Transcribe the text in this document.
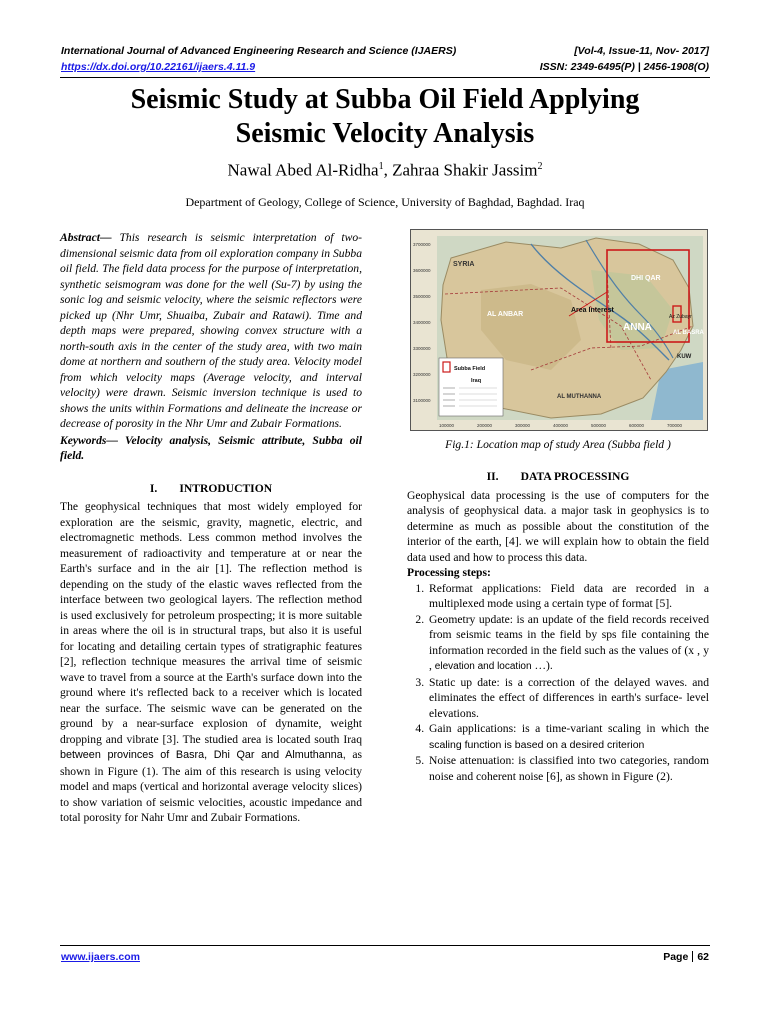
International Journal of Advanced Engineering Research and Science (IJAERS)
https://dx.doi.org/10.22161/ijaers.4.11.9
[Vol-4, Issue-11, Nov- 2017]
ISSN: 2349-6495(P) | 2456-1908(O)
Seismic Study at Subba Oil Field Applying
Seismic Velocity Analysis
Nawal Abed Al-Ridha$^1$, Zahraa Shakir Jassim$^2$
Department of Geology, College of Science, University of Baghdad, Baghdad. Iraq

Abstract— This research is seismic interpretation of two-dimensional seismic data from oil exploration company in Subba oil field. The field data process for the purpose of interpretation, synthetic seismogram was done for the well (Su-7) by using the sonic log and seismic velocity, where the seismic reflectors were picked up (Nhr Umr, Shuaiba, Zubair and Ratawi). Time and depth maps were prepared, showing convex structure with a north-south axis in the center of the study area, with two main dome at northern and southern of the study area. Velocity model from which velocity maps (Average velocity, and interval velocity) were drawn. Seismic inversion technique is used to shows the units within Formations and delineate the increase or decrease of porosity in the Nhr Umr and Zubair Formations.

Keywords— Velocity analysis, Seismic attribute, Subba oil field.

I. INTRODUCTION

The geophysical techniques that most widely employed for exploration are the seismic, gravity, magnetic, electric, and electromagnetic methods. Less common method involves the measurement of radioactivity and temperature at or near the Earth's surface and in the air [1]. The reflection method is depending on the study of the elastic waves reflected from the interface between two geological layers. The reflection method is used exclusively for petroleum prospecting; it is more suitable in areas where the oil is in structural traps, but also it is useful for locating and detailing certain types of stratigraphic features [2], reflection technique measures the arrival time of seismic wave to travel from a source at the Earth's surface down into the ground where it's reflected back to a receiver which is located near the surface. The seismic wave can be generated on the ground by a near-surface explosion of dynamite, weight dropping and vibrate [3]. The studied area is located south Iraq between provinces of Basra, Dhi Qar and Almuthanna, as shown in Figure (1). The aim of this research is using velocity model and maps (vertical and horizontal average velocity slices) to show variation of seismic velocities, acoustic impedance and total porosity for Nahr Umr and Zubair Formations.

SYRIA
AL ANBAR
Area Interest
DHI QAR
ANNA	AL BASRA
Az Zubayr
AL MUTHANNA
KUW
Subba Field
Iraq
3700000
3600000
3500000
3400000
3300000
3200000
3100000
100000	200000	300000	400000	500000	600000	700000
Fig.1: Location map of study Area (Subba field )

II. DATA PROCESSING

Geophysical data processing is the use of computers for the analysis of geophysical data. a major task in geophysics is to determine as much as possible about the constitution of the interior of the earth, [4]. we will explain how to obtain the field data used and how to process this data.

Processing steps:

1. Reformat applications: Field data are recorded in a multiplexed mode using a certain type of format [5].
2. Geometry update: is an update of the field records received from seismic teams in the field by sps file containing the information recorded in the field such as the values of (x , y , elevation and location …).
3. Static up date: is a correction of the delayed waves. and eliminates the effect of differences in earth's surface- level elevations.
4. Gain applications: is a time-variant scaling in which the scaling function is based on a desired criterion
5. Noise attenuation: is classified into two categories, random noise and coherent noise [6], as shown in Figure (2).
www.ijaers.com	Page 62
